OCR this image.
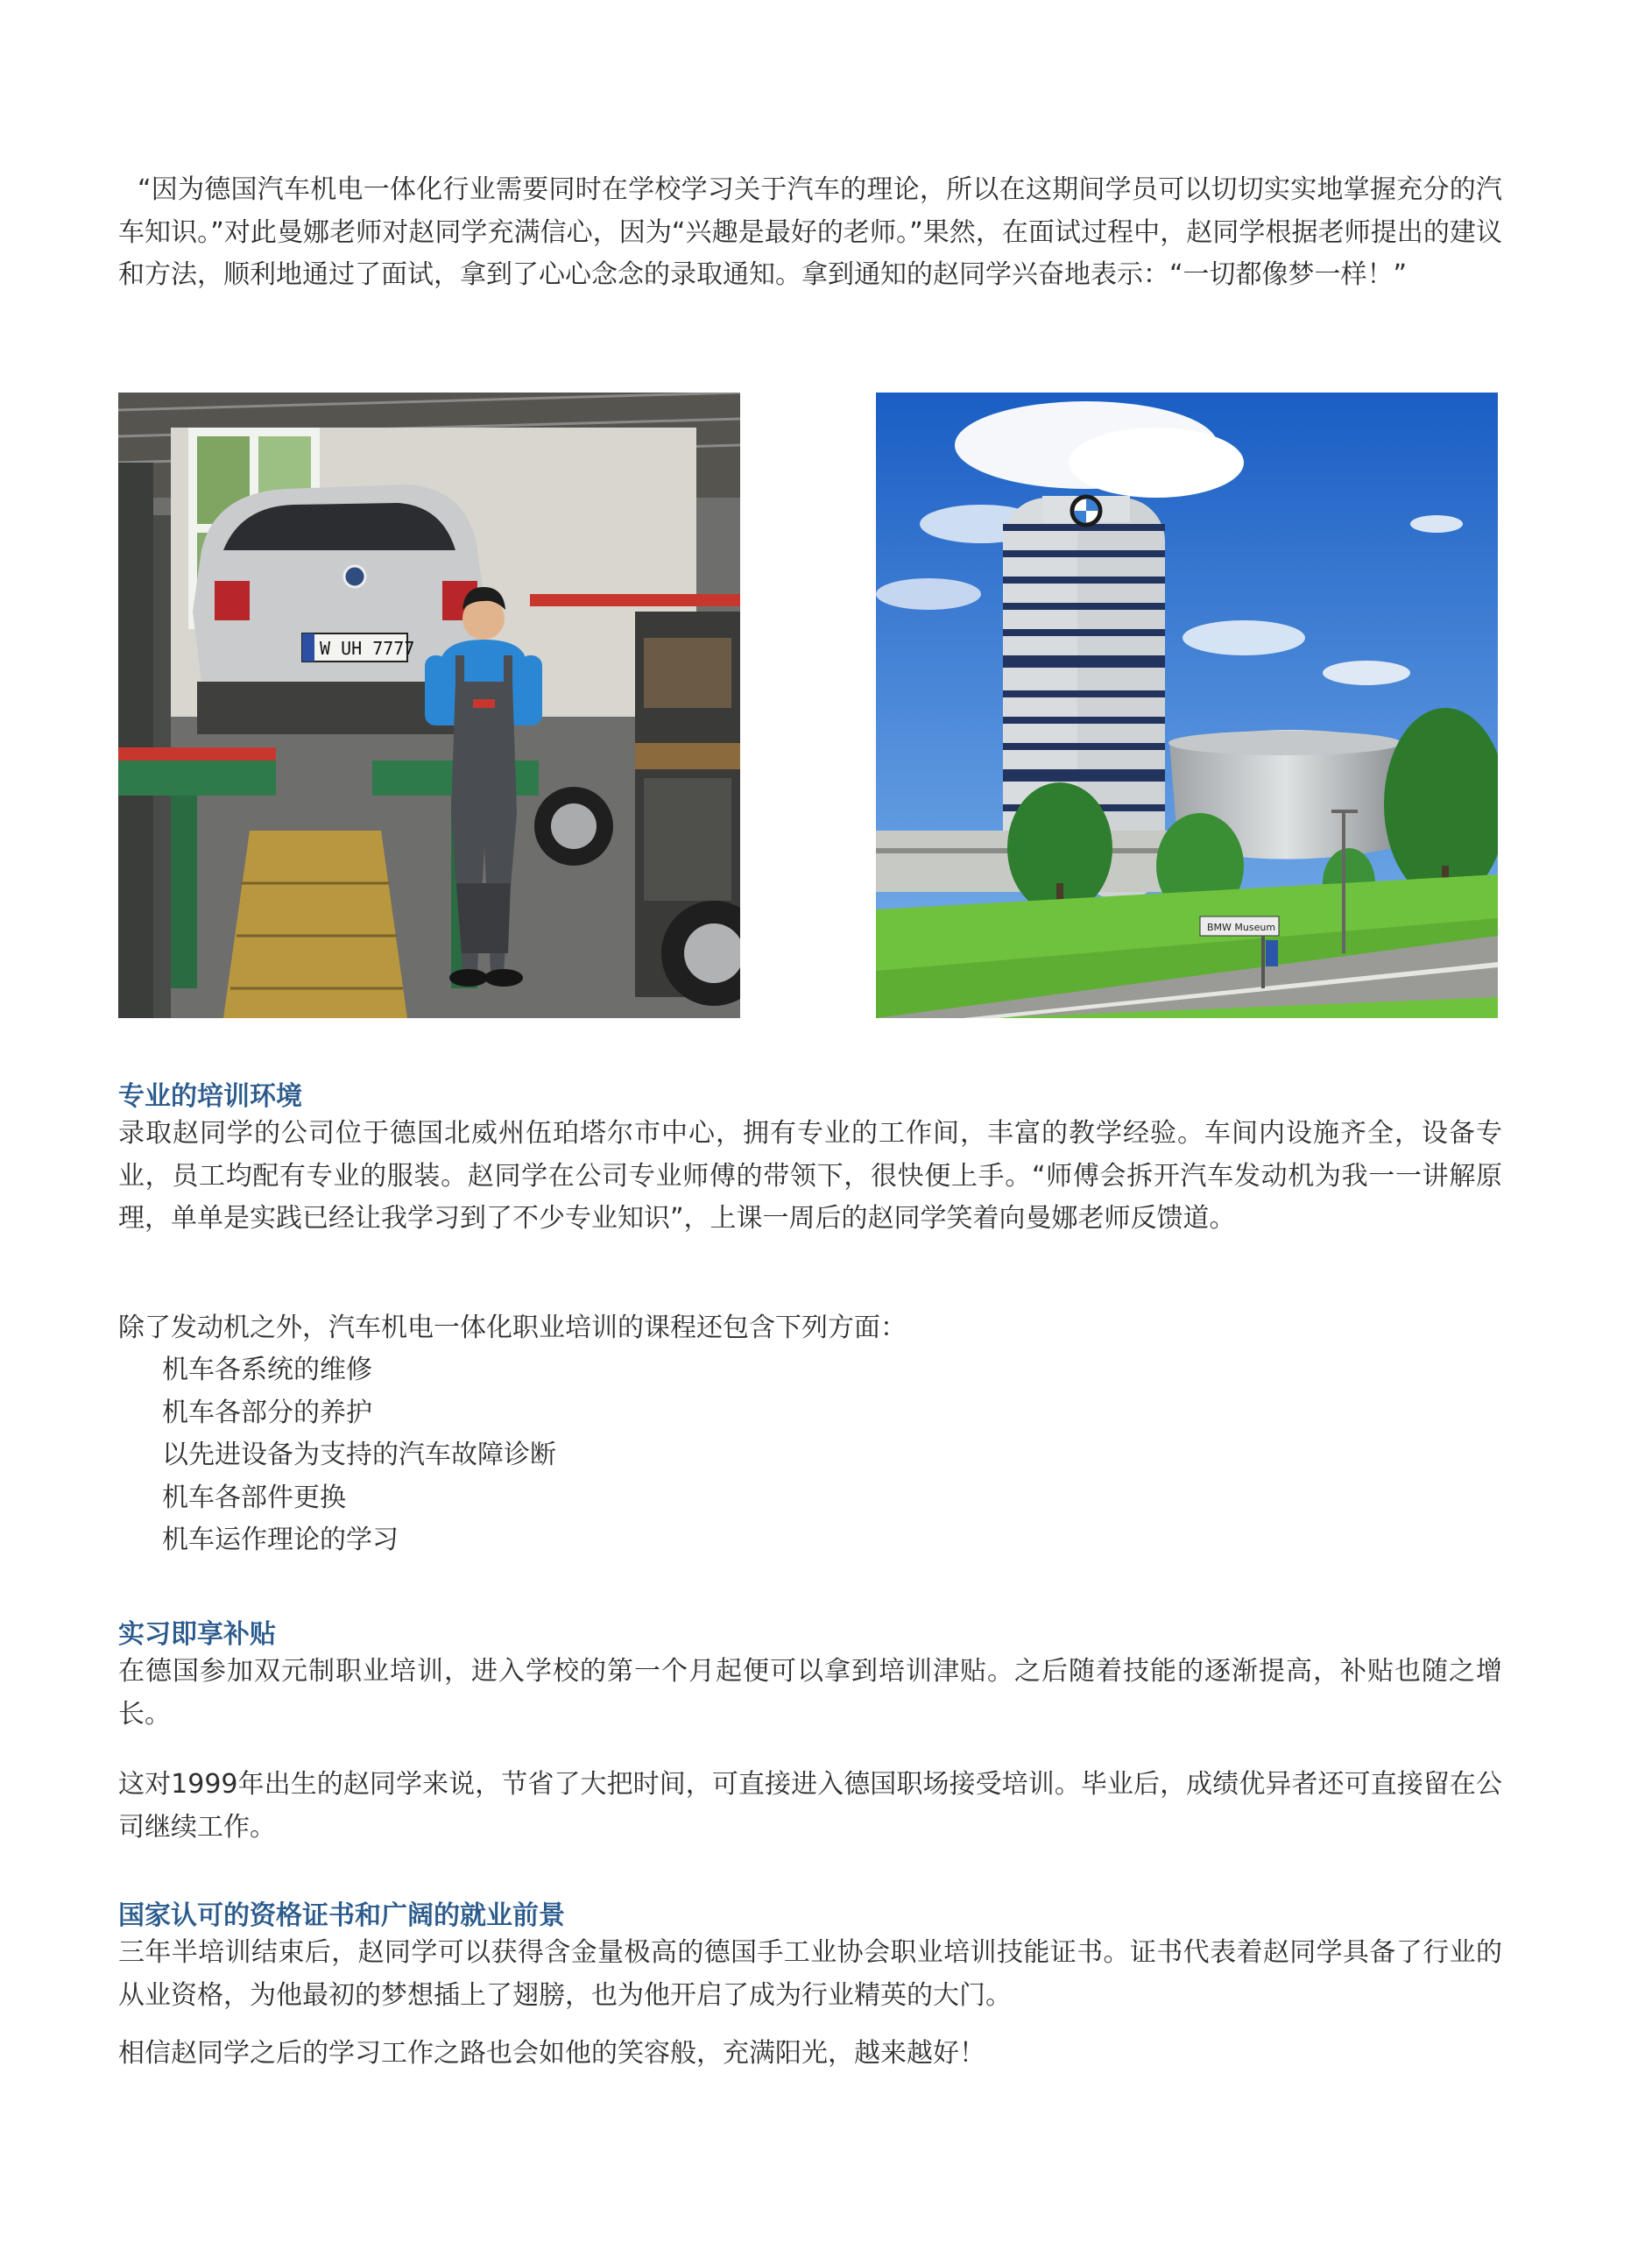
“因为德国汽车机电一体化行业需要同时在学校学习关于汽车的理论，所以在这期间学员可以切切实实地掌握充分的汽车知识。”对此曼娜老师对赵同学充满信心，因为“兴趣是最好的老师。”果然，在面试过程中，赵同学根据老师提出的建议和方法，顺利地通过了面试，拿到了心心念念的录取通知。拿到通知的赵同学兴奋地表示：“一切都像梦一样！”

W UH 7777
BMW Museum
专业的培训环境

录取赵同学的公司位于德国北威州伍珀塔尔市中心，拥有专业的工作间，丰富的教学经验。车间内设施齐全，设备专业，员工均配有专业的服装。赵同学在公司专业师傅的带领下，很快便上手。“师傅会拆开汽车发动机为我一一讲解原理，单单是实践已经让我学习到了不少专业知识”，上课一周后的赵同学笑着向曼娜老师反馈道。

除了发动机之外，汽车机电一体化职业培训的课程还包含下列方面：

机车各系统的维修
机车各部分的养护
以先进设备为支持的汽车故障诊断
机车各部件更换
机车运作理论的学习
实习即享补贴

在德国参加双元制职业培训，进入学校的第一个月起便可以拿到培训津贴。之后随着技能的逐渐提高，补贴也随之增长。

这对1999年出生的赵同学来说，节省了大把时间，可直接进入德国职场接受培训。毕业后，成绩优异者还可直接留在公司继续工作。

国家认可的资格证书和广阔的就业前景

三年半培训结束后，赵同学可以获得含金量极高的德国手工业协会职业培训技能证书。证书代表着赵同学具备了行业的从业资格，为他最初的梦想插上了翅膀，也为他开启了成为行业精英的大门。

相信赵同学之后的学习工作之路也会如他的笑容般，充满阳光，越来越好！
